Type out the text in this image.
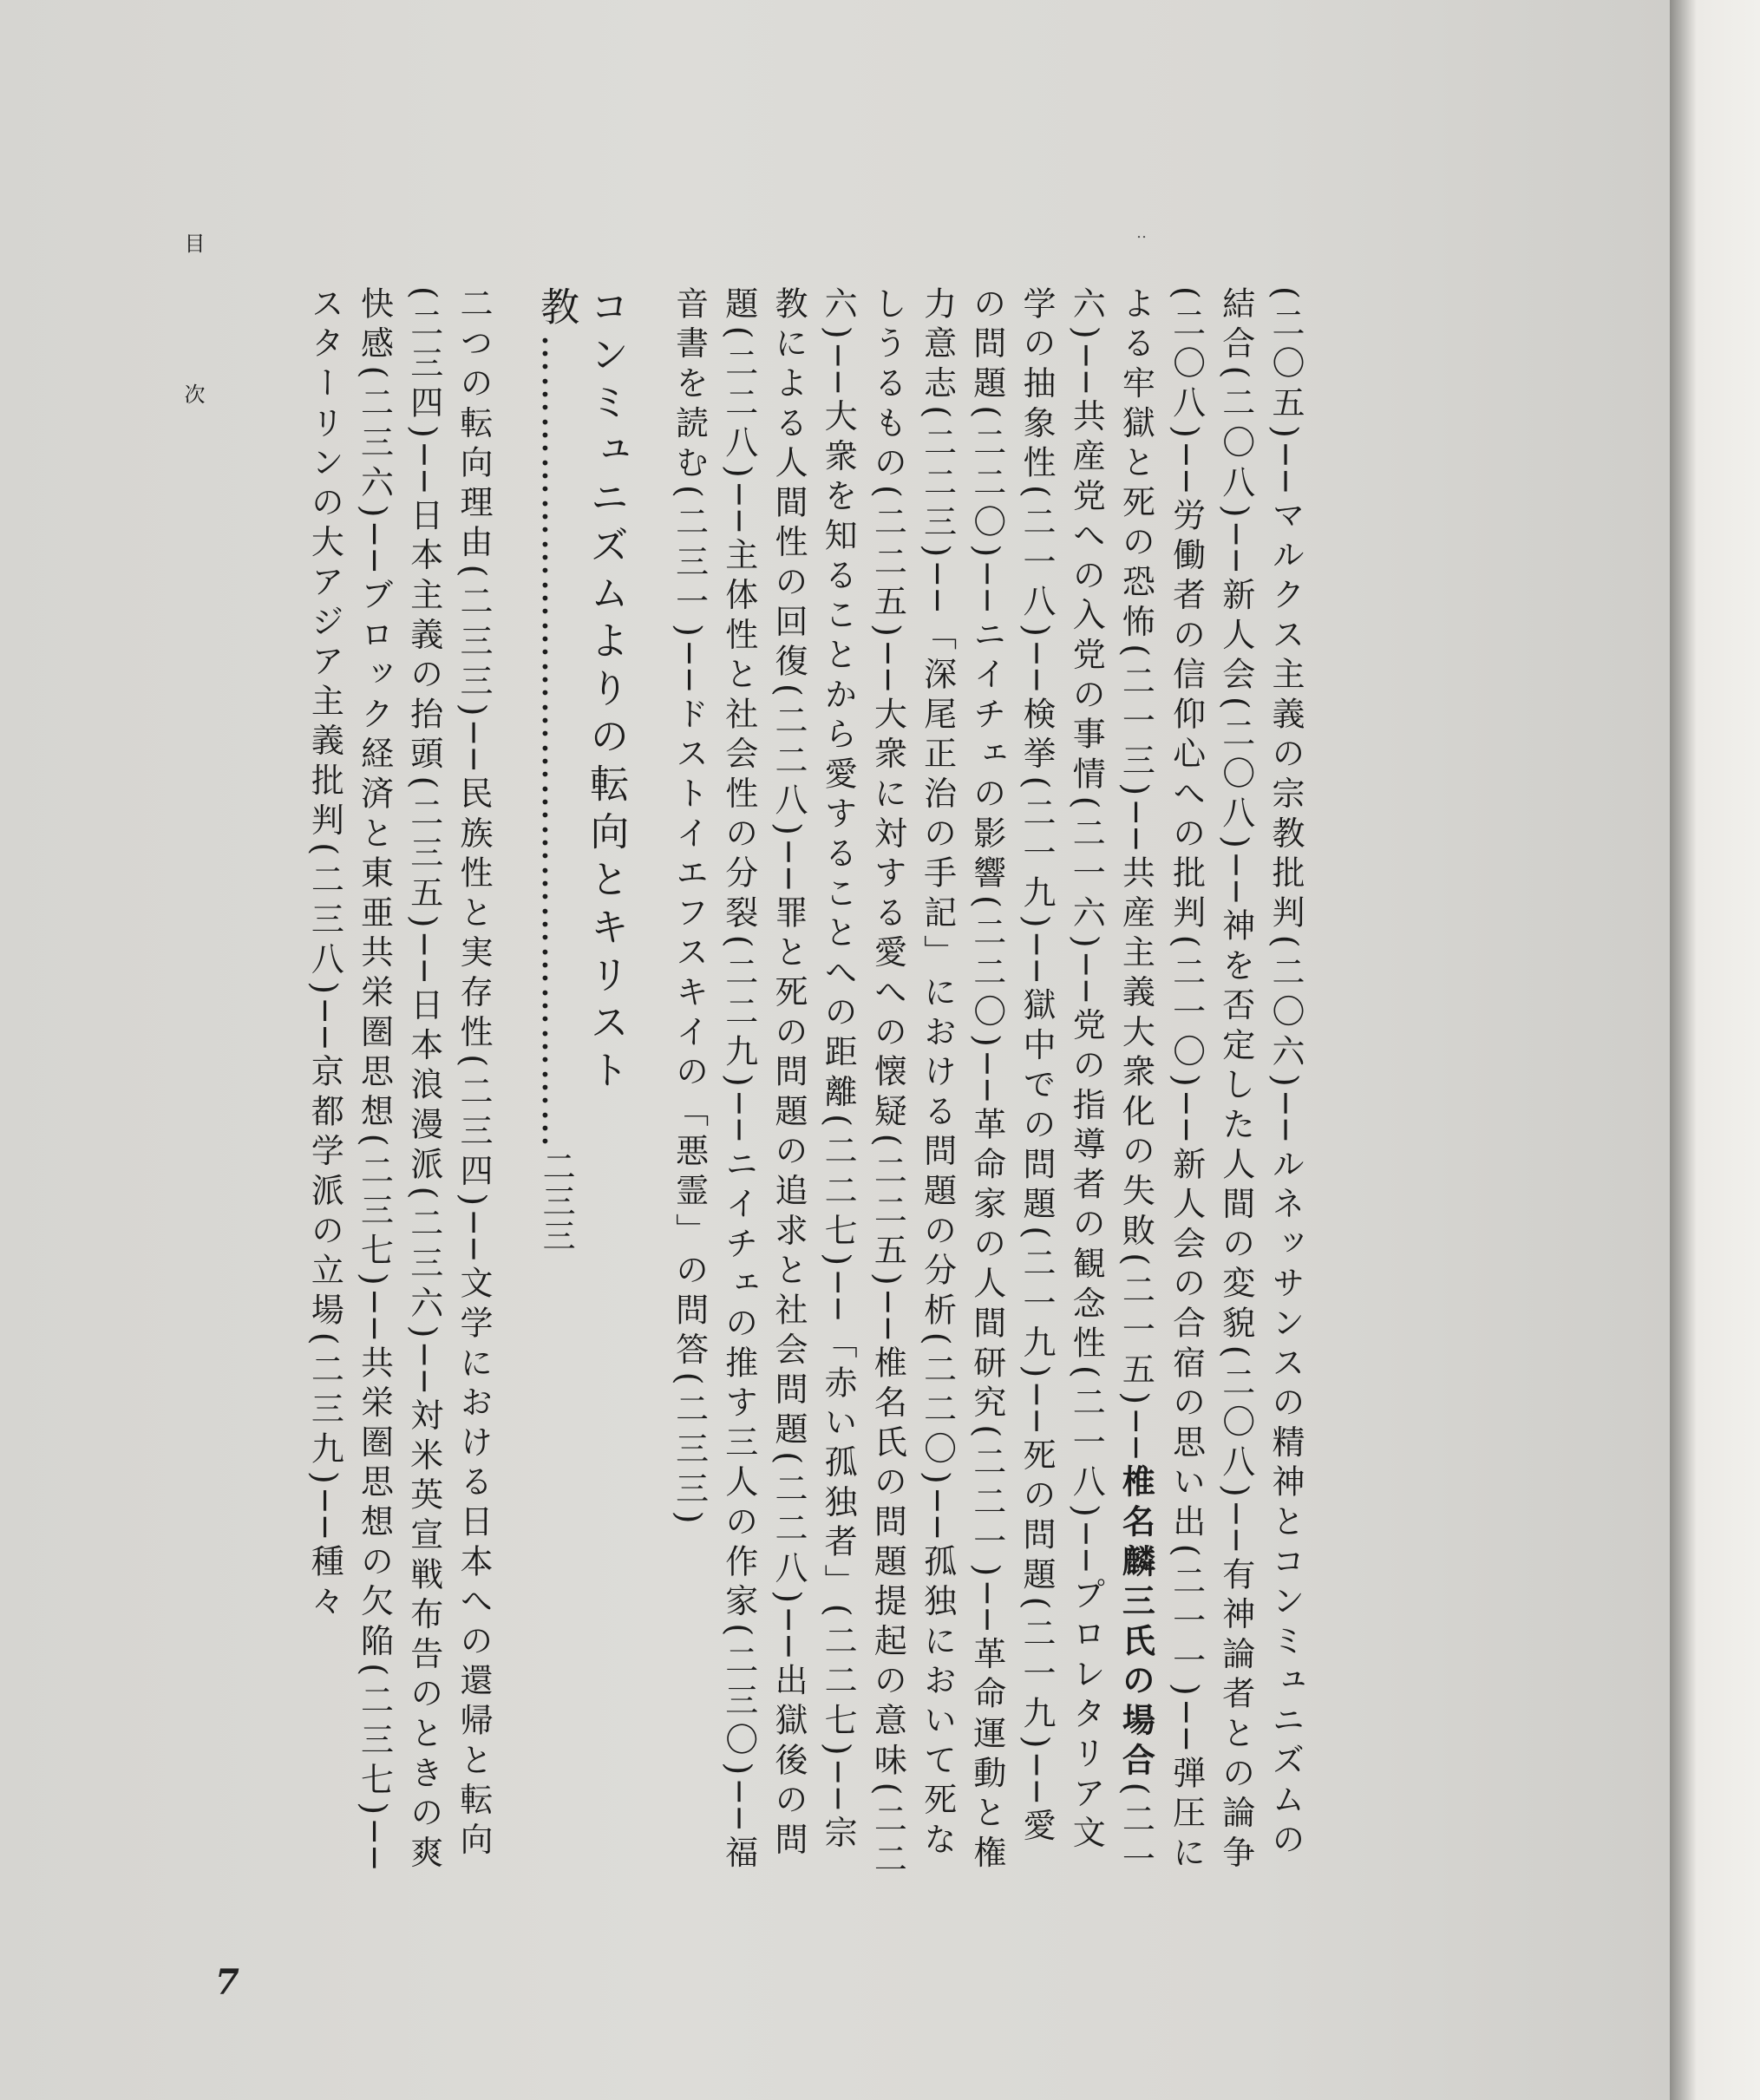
‥

(二〇五)──マルクス主義の宗教批判(二〇六)──ルネッサンスの精神とコンミュニズムの結合(二〇八)──新人会(二〇八)──神を否定した人間の変貌(二〇八)──有神論者との論争(二〇八)──労働者の信仰心への批判(二一〇)──新人会の合宿の思い出(二一一)──弾圧による牢獄と死の恐怖(二一三)──共産主義大衆化の失敗(二一五)──椎名麟三氏の場合(二一六)──共産党への入党の事情(二一六)──党の指導者の観念性(二一八)──プロレタリア文学の抽象性(二一八)──検挙(二一九)──獄中での問題(二一九)──死の問題(二一九)──愛の問題(二二〇)──ニイチェの影響(二二〇)──革命家の人間研究(二二一)──革命運動と権力意志(二二三)──「深尾正治の手記」における問題の分析(二二〇)──孤独において死なしうるもの(二二五)──大衆に対する愛への懐疑(二二五)──椎名氏の問題提起の意味(二二六)──大衆を知ることから愛することへの距離(二二七)──「赤い孤独者」(二二七)──宗教による人間性の回復(二二八)──罪と死の問題の追求と社会問題(二二八)──出獄後の問題(二二八)──主体性と社会性の分裂(二二九)──ニイチェの推す三人の作家(二三〇)──福音書を読む(二三一)──ドストイエフスキイの「悪霊」の問答(二三三)

コンミュニズムよりの転向とキリスト教……………………………………………………二三三

二つの転向理由(二三三)──民族性と実存性(二三四)──文学における日本への還帰と転向(二三四)──日本主義の抬頭(二三五)──日本浪漫派(二三六)──対米英宣戦布告のときの爽快感(二三六)──ブロック経済と東亜共栄圏思想(二三七)──共栄圏思想の欠陥(二三七)──スターリンの大アジア主義批判(二三八)──京都学派の立場(二三九)──種々

目次
7
